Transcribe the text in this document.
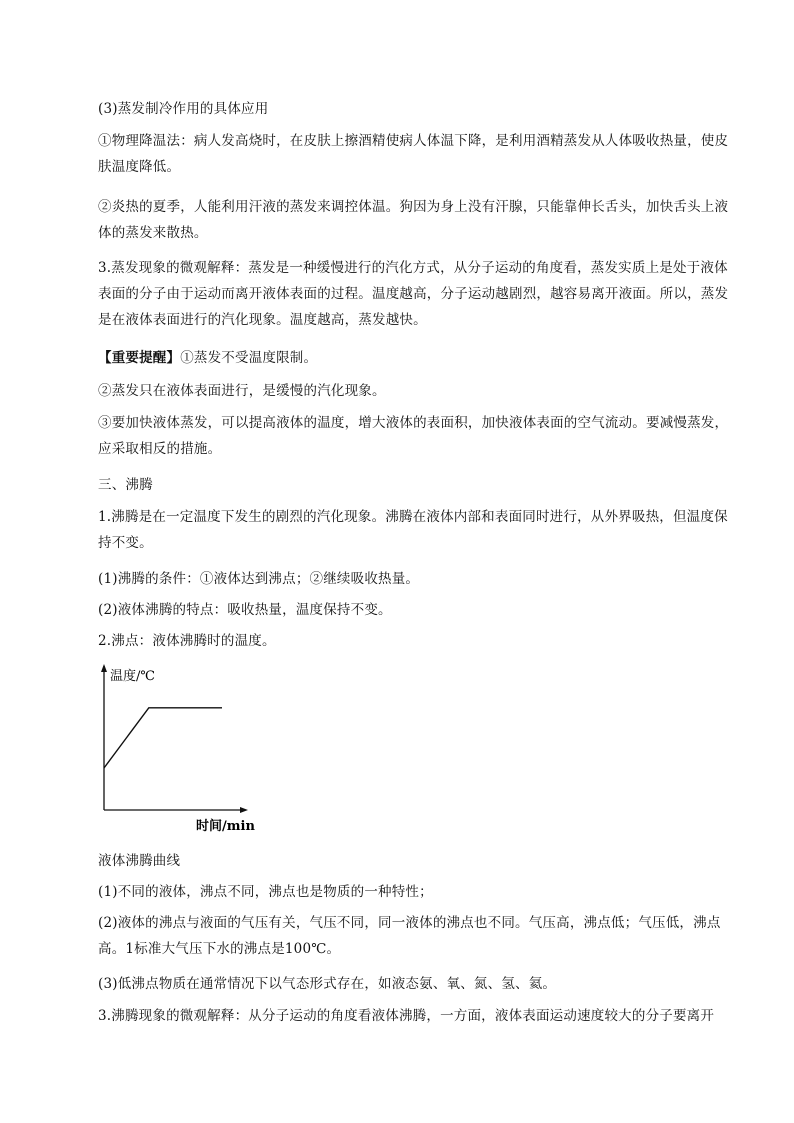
(3)蒸发制冷作用的具体应用

①物理降温法：病人发高烧时，在皮肤上擦酒精使病人体温下降，是利用酒精蒸发从人体吸收热量，使皮肤温度降低。

②炎热的夏季，人能利用汗液的蒸发来调控体温。狗因为身上没有汗腺，只能靠伸长舌头，加快舌头上液体的蒸发来散热。

3.蒸发现象的微观解释：蒸发是一种缓慢进行的汽化方式，从分子运动的角度看，蒸发实质上是处于液体表面的分子由于运动而离开液体表面的过程。温度越高，分子运动越剧烈，越容易离开液面。所以，蒸发是在液体表面进行的汽化现象。温度越高，蒸发越快。

【重要提醒】①蒸发不受温度限制。

②蒸发只在液体表面进行，是缓慢的汽化现象。

③要加快液体蒸发，可以提高液体的温度，增大液体的表面积，加快液体表面的空气流动。要减慢蒸发，应采取相反的措施。

三、沸腾

1.沸腾是在一定温度下发生的剧烈的汽化现象。沸腾在液体内部和表面同时进行，从外界吸热，但温度保持不变。

(1)沸腾的条件：①液体达到沸点；②继续吸收热量。

(2)液体沸腾的特点：吸收热量，温度保持不变。

2.沸点：液体沸腾时的温度。

温度/℃
时间/min

液体沸腾曲线

(1)不同的液体，沸点不同，沸点也是物质的一种特性；

(2)液体的沸点与液面的气压有关，气压不同，同一液体的沸点也不同。气压高，沸点低；气压低，沸点高。1标准大气压下水的沸点是100℃。

(3)低沸点物质在通常情况下以气态形式存在，如液态氨、氧、氮、氢、氦。

3.沸腾现象的微观解释：从分子运动的角度看液体沸腾，一方面，液体表面运动速度较大的分子要离开
